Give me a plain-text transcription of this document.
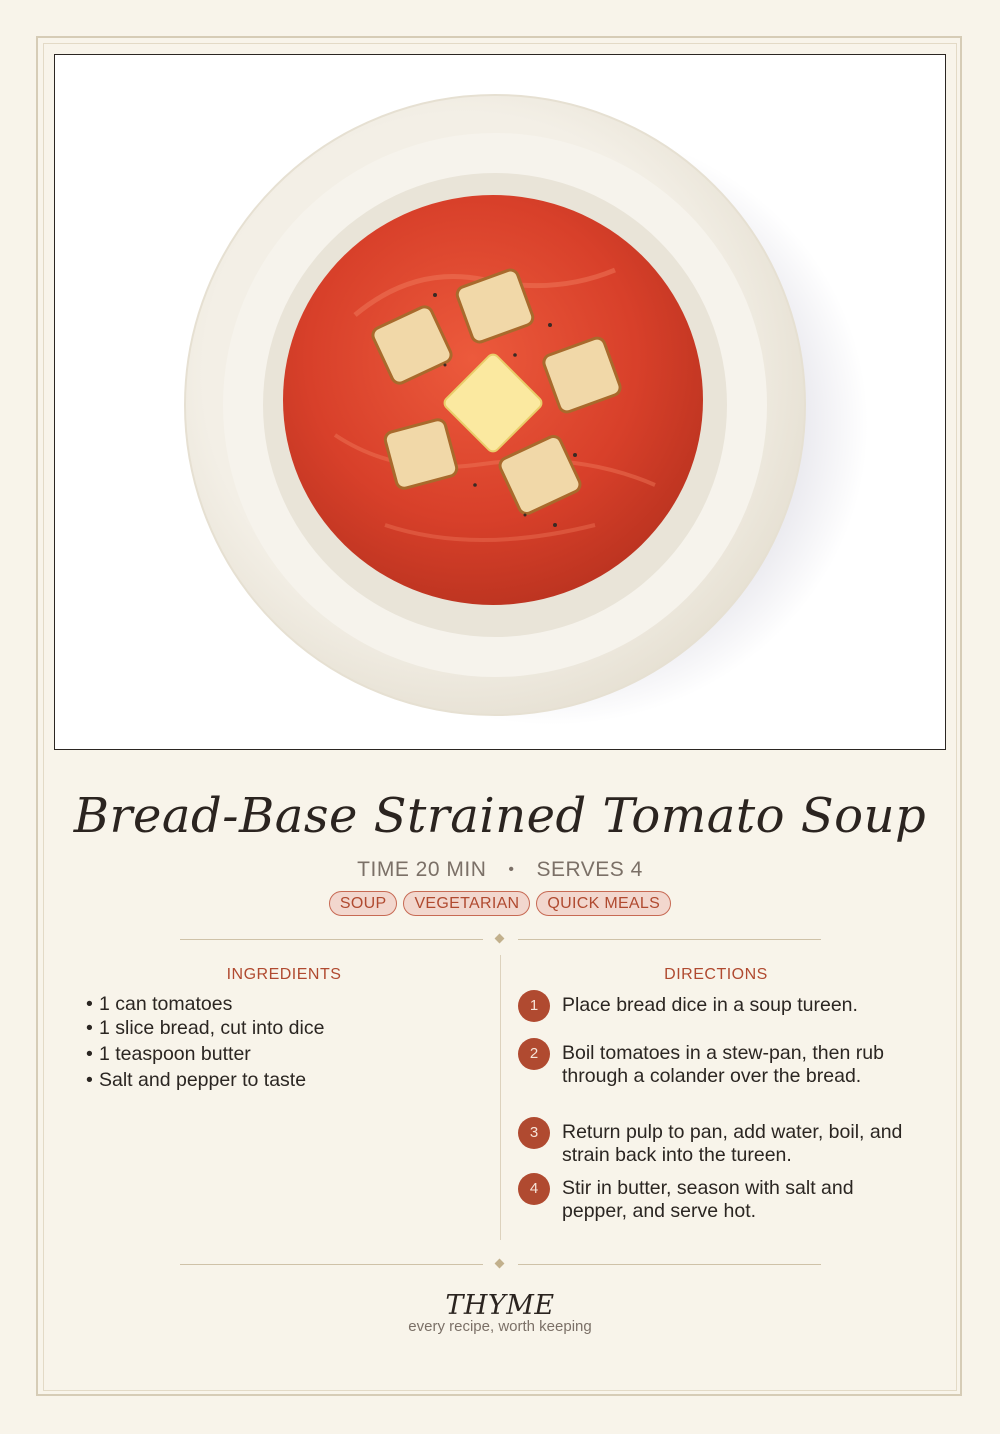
Bread-Base Strained Tomato Soup
TIME 20 MIN • SERVES 4
SOUP VEGETARIAN QUICK MEALS
INGREDIENTS
• 1 can tomatoes
• 1 slice bread, cut into dice
• 1 teaspoon butter
• Salt and pepper to taste
DIRECTIONS
1	Place bread dice in a soup tureen.
2	Boil tomatoes in a stew-pan, then rub through a colander over the bread.
3	Return pulp to pan, add water, boil, and strain back into the tureen.
4	Stir in butter, season with salt and pepper, and serve hot.
THYME
every recipe, worth keeping
